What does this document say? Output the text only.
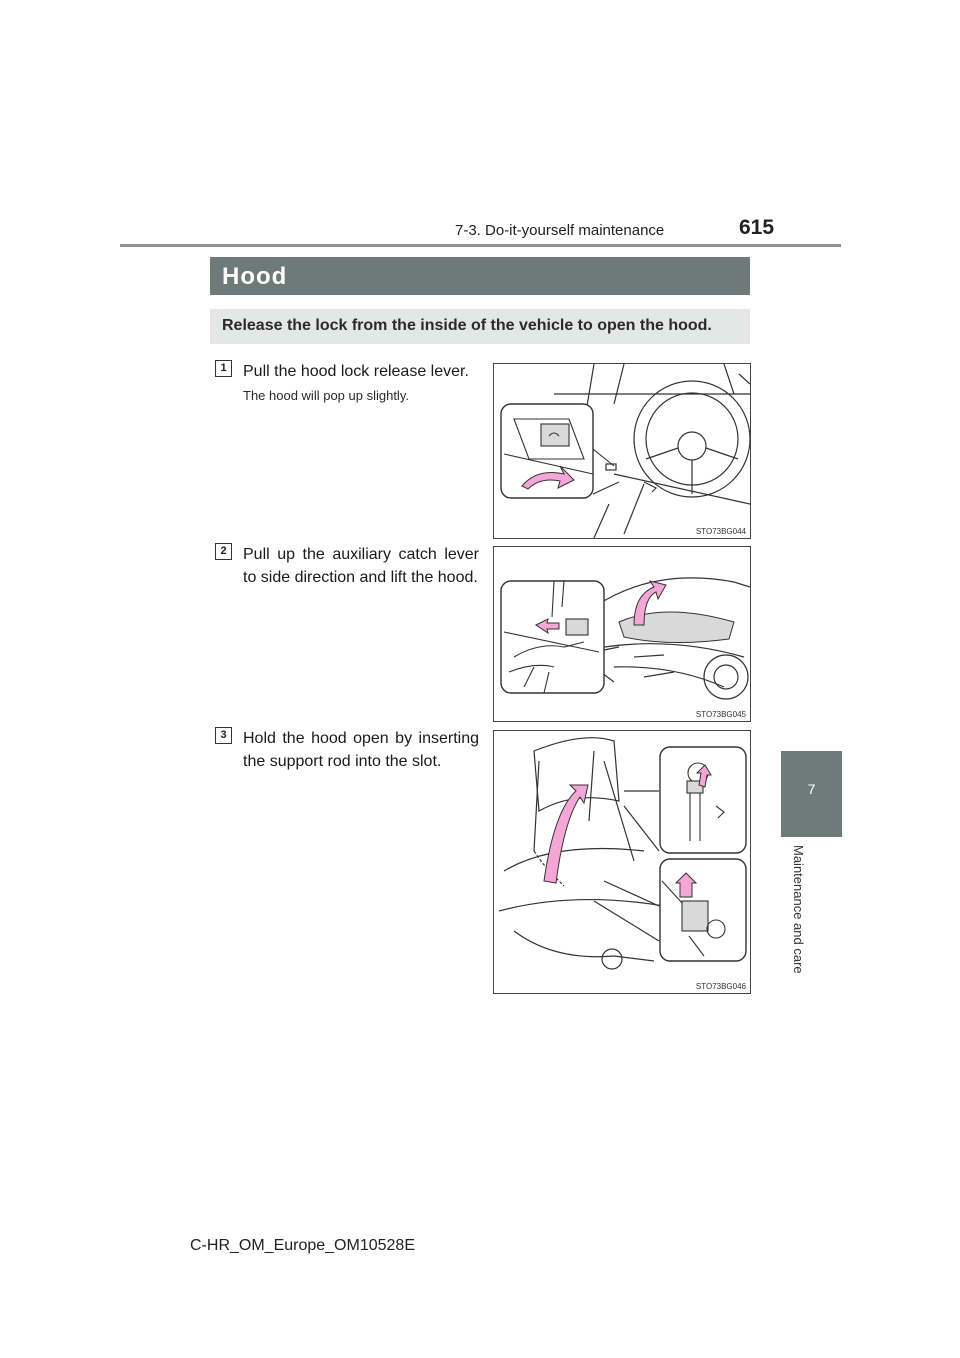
7-3. Do-it-yourself maintenance	615
7
Maintenance and care
Hood
Release the lock from the inside of the vehicle to open the hood.
1	Pull the hood lock release lever.
The hood will pop up slightly.
STO73BG044
2	Pull up the auxiliary catch lever to side direction and lift the hood.
STO73BG045
3	Hold the hood open by inserting the support rod into the slot.
STO73BG046
C-HR_OM_Europe_OM10528E
